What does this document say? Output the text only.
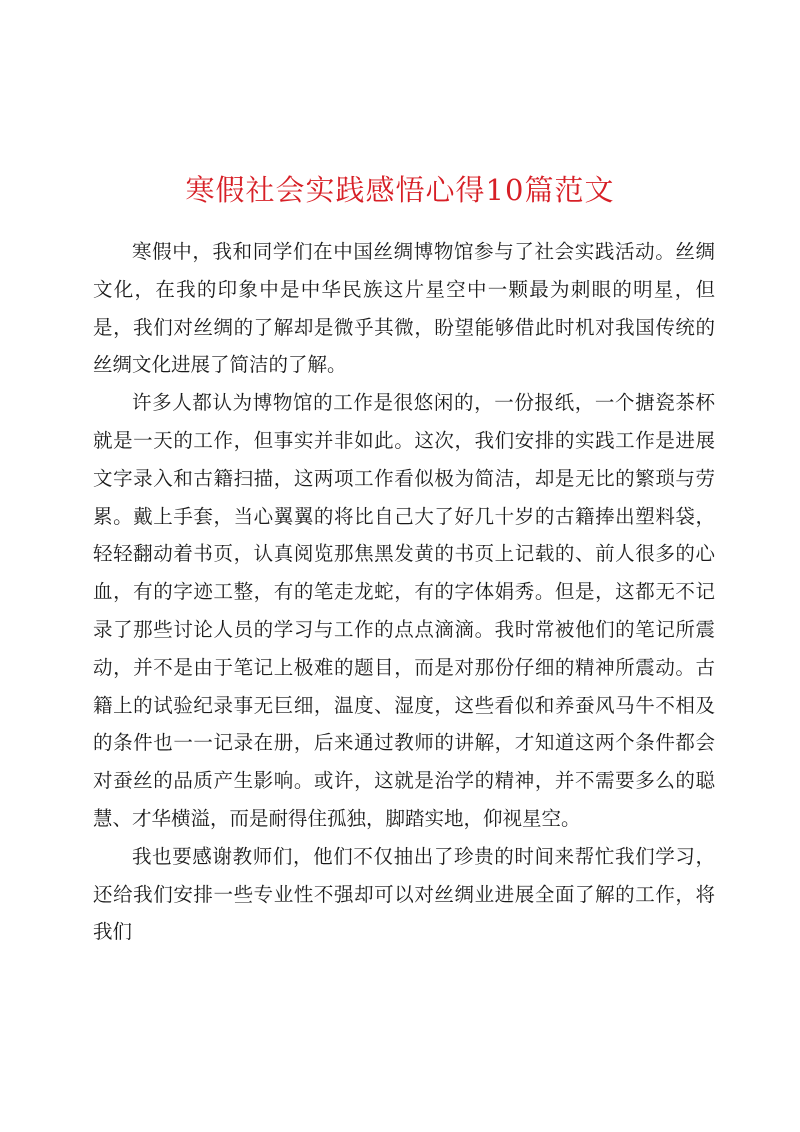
寒假社会实践感悟心得10篇范文

寒假中，我和同学们在中国丝绸博物馆参与了社会实践活动。丝绸文化，在我的印象中是中华民族这片星空中一颗最为刺眼的明星，但是，我们对丝绸的了解却是微乎其微，盼望能够借此时机对我国传统的丝绸文化进展了简洁的了解。

许多人都认为博物馆的工作是很悠闲的，一份报纸，一个搪瓷茶杯就是一天的工作，但事实并非如此。这次，我们安排的实践工作是进展文字录入和古籍扫描，这两项工作看似极为简洁，却是无比的繁琐与劳累。戴上手套，当心翼翼的将比自己大了好几十岁的古籍捧出塑料袋，轻轻翻动着书页，认真阅览那焦黑发黄的书页上记载的、前人很多的心血，有的字迹工整，有的笔走龙蛇，有的字体娟秀。但是，这都无不记录了那些讨论人员的学习与工作的点点滴滴。我时常被他们的笔记所震动，并不是由于笔记上极难的题目，而是对那份仔细的精神所震动。古籍上的试验纪录事无巨细，温度、湿度，这些看似和养蚕风马牛不相及的条件也一一记录在册，后来通过教师的讲解，才知道这两个条件都会对蚕丝的品质产生影响。或许，这就是治学的精神，并不需要多么的聪慧、才华横溢，而是耐得住孤独，脚踏实地，仰视星空。

我也要感谢教师们，他们不仅抽出了珍贵的时间来帮忙我们学习，还给我们安排一些专业性不强却可以对丝绸业进展全面了解的工作，将我们
